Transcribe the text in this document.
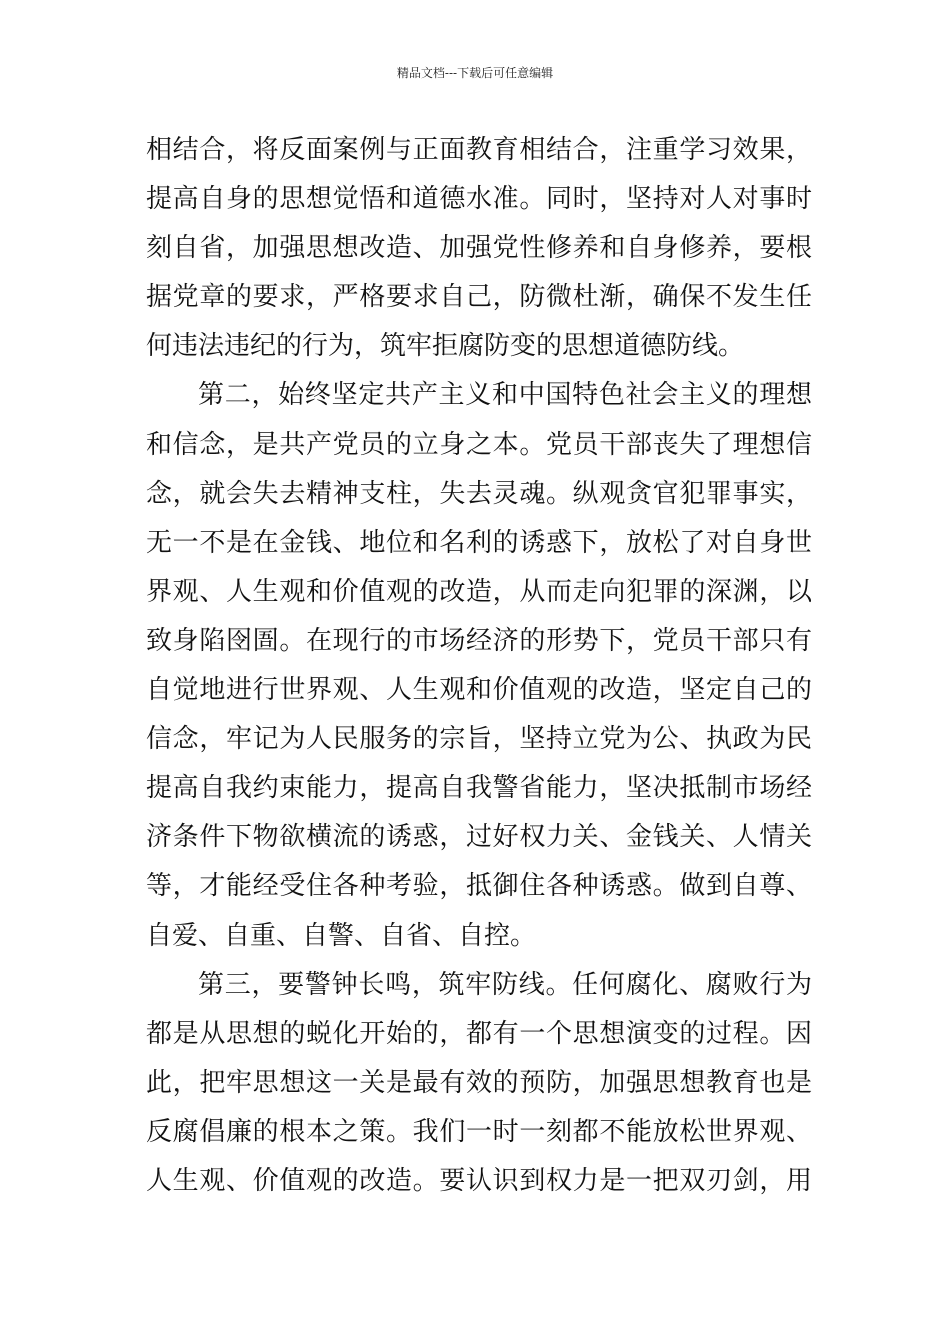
精品文档---下载后可任意编辑
相结合，将反面案例与正面教育相结合，注重学习效果，
提高自身的思想觉悟和道德水准。同时，坚持对人对事时
刻自省，加强思想改造、加强党性修养和自身修养，要根
据党章的要求，严格要求自己，防微杜渐，确保不发生任
何违法违纪的行为，筑牢拒腐防变的思想道德防线。
第二，始终坚定共产主义和中国特色社会主义的理想
和信念，是共产党员的立身之本。党员干部丧失了理想信
念，就会失去精神支柱，失去灵魂。纵观贪官犯罪事实，
无一不是在金钱、地位和名利的诱惑下，放松了对自身世
界观、人生观和价值观的改造，从而走向犯罪的深渊，以
致身陷囹圄。在现行的市场经济的形势下，党员干部只有
自觉地进行世界观、人生观和价值观的改造，坚定自己的
信念，牢记为人民服务的宗旨，坚持立党为公、执政为民
提高自我约束能力，提高自我警省能力，坚决抵制市场经
济条件下物欲横流的诱惑，过好权力关、金钱关、人情关
等，才能经受住各种考验，抵御住各种诱惑。做到自尊、
自爱、自重、自警、自省、自控。
第三，要警钟长鸣，筑牢防线。任何腐化、腐败行为
都是从思想的蜕化开始的，都有一个思想演变的过程。因
此，把牢思想这一关是最有效的预防，加强思想教育也是
反腐倡廉的根本之策。我们一时一刻都不能放松世界观、
人生观、价值观的改造。要认识到权力是一把双刃剑，用
